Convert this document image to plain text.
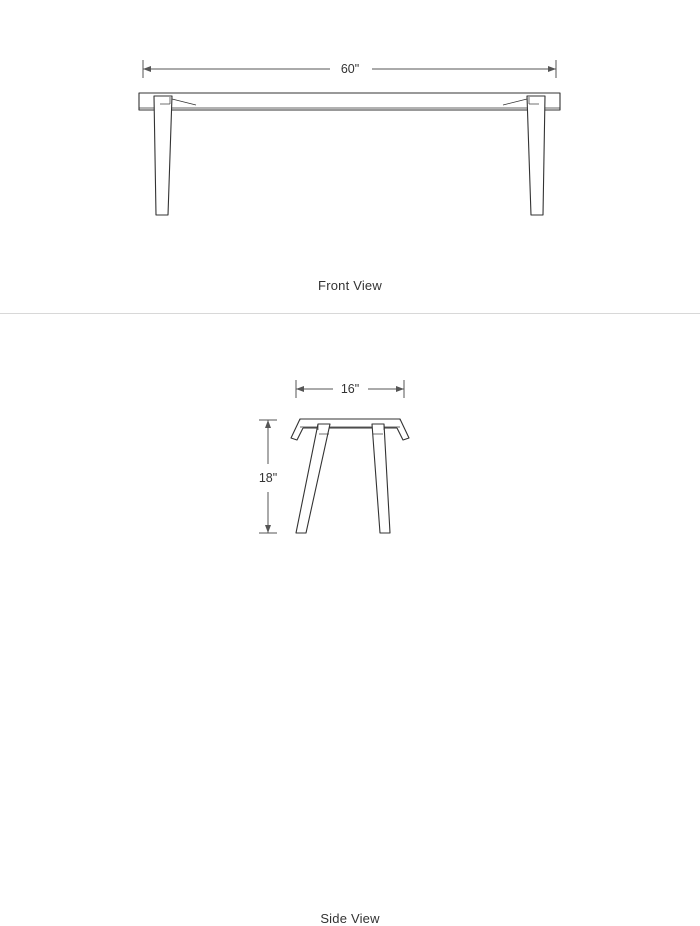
60"
Front View
16"
18"
Side View
